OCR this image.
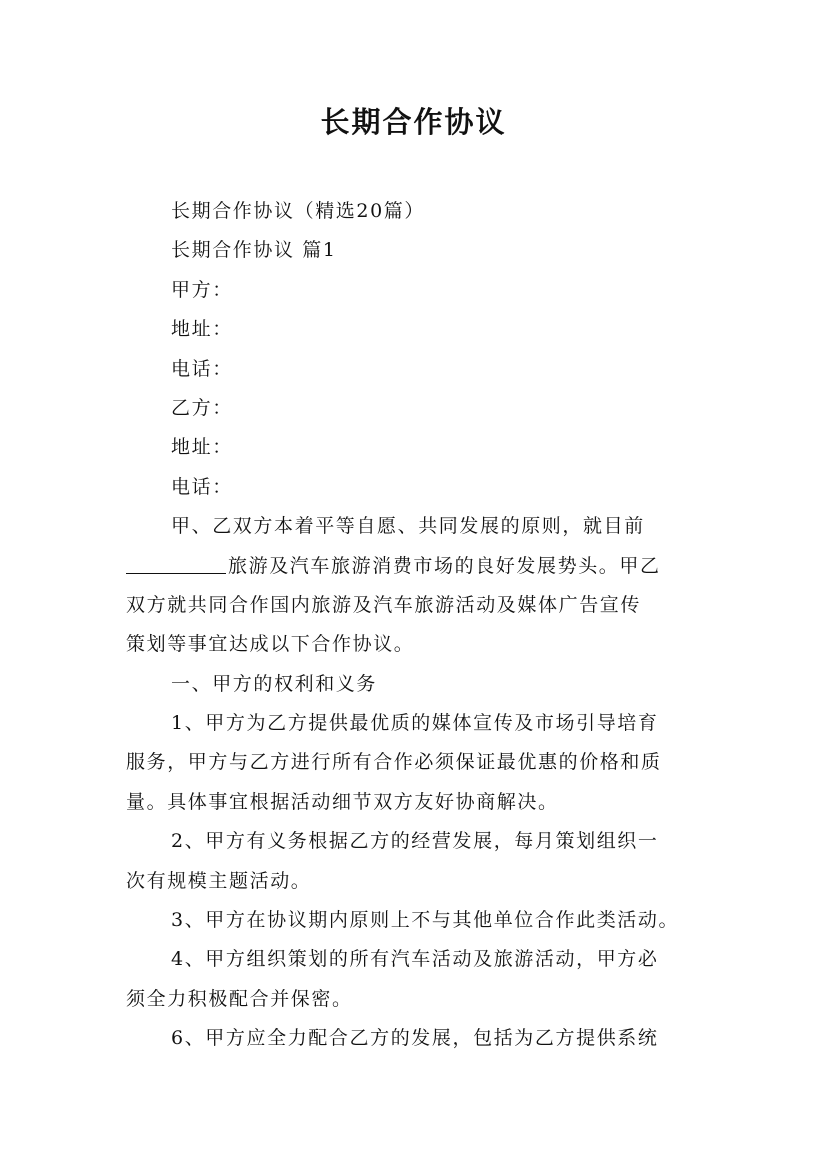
长期合作协议
长期合作协议（精选20篇）
长期合作协议 篇1
甲方：
地址：
电话：
乙方：
地址：
电话：
甲、乙双方本着平等自愿、共同发展的原则，就目前
旅游及汽车旅游消费市场的良好发展势头。甲乙
双方就共同合作国内旅游及汽车旅游活动及媒体广告宣传
策划等事宜达成以下合作协议。
一、甲方的权利和义务
1、甲方为乙方提供最优质的媒体宣传及市场引导培育
服务，甲方与乙方进行所有合作必须保证最优惠的价格和质
量。具体事宜根据活动细节双方友好协商解决。
2、甲方有义务根据乙方的经营发展，每月策划组织一
次有规模主题活动。
3、甲方在协议期内原则上不与其他单位合作此类活动。
4、甲方组织策划的所有汽车活动及旅游活动，甲方必
须全力积极配合并保密。
6、甲方应全力配合乙方的发展，包括为乙方提供系统
